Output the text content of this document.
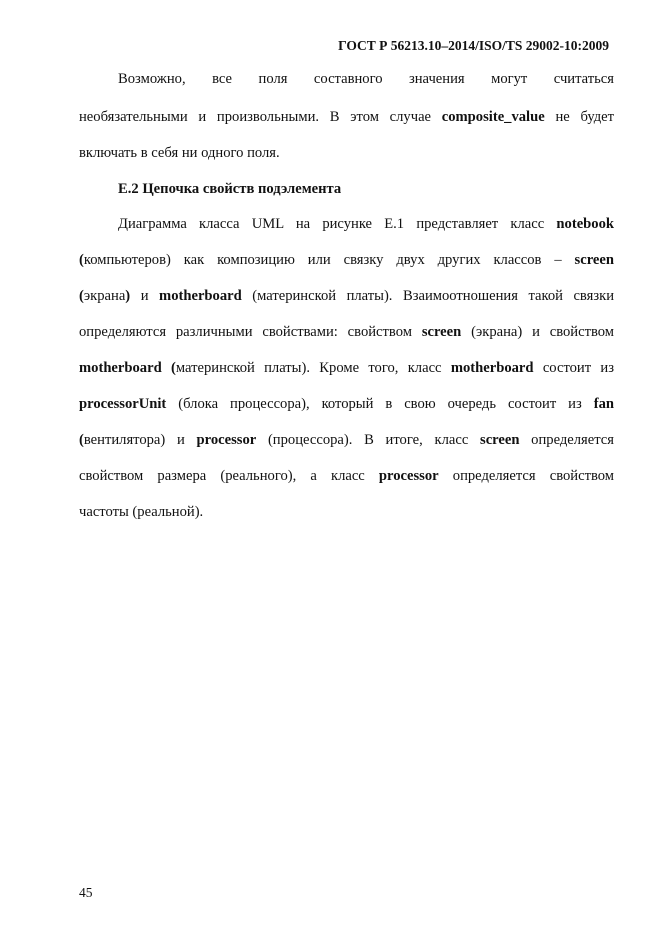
ГОСТ Р 56213.10–2014/ISO/TS 29002-10:2009
Возможно, все поля составного значения могут считаться
необязательными и произвольными. В этом случае composite_value не будет
включать в себя ни одного поля.
Е.2 Цепочка свойств подэлемента
Диаграмма класса UML на рисунке Е.1 представляет класс notebook
(компьютеров) как композицию или связку двух других классов – screen
(экрана) и motherboard (материнской платы). Взаимоотношения такой связки
определяются различными свойствами: свойством screen (экрана) и свойством
motherboard (материнской платы). Кроме того, класс motherboard состоит из
processorUnit (блока процессора), который в свою очередь состоит из fan
(вентилятора) и processor (процессора). В итоге, класс screen определяется
свойством размера (реального), а класс processor определяется свойством
частоты (реальной).
45
